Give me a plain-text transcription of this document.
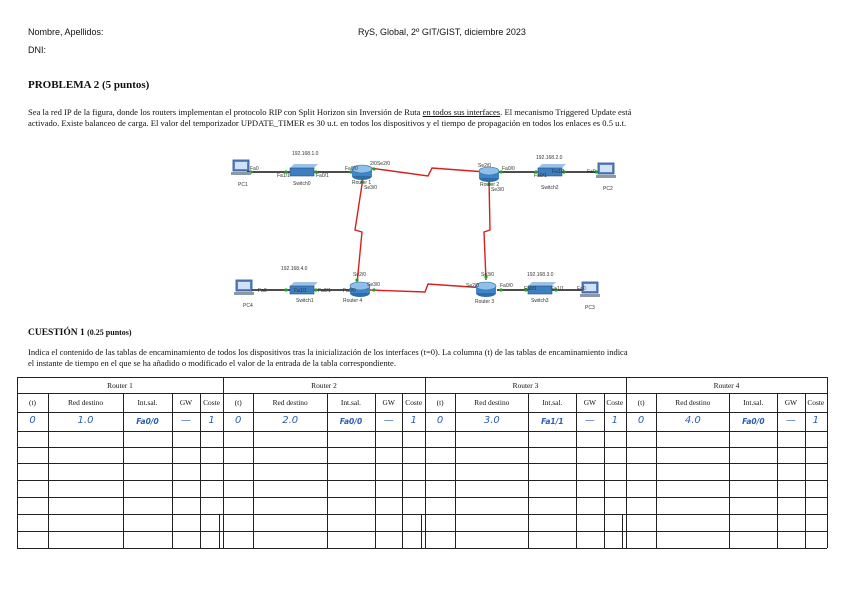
Nombre, Apellidos:	RyS, Global, 2º GIT/GIST, diciembre 2023
DNI:
PROBLEMA 2 (5 puntos)
Sea la red IP de la figura, donde los routers implementan el protocolo RIP con Split Horizon sin Inversión de Ruta en todos sus interfaces. El mecanismo Triggered Update está
activado. Existe balanceo de carga. El valor del temporizador UPDATE_TIMER es 30 u.t. en todos los dispositivos y el tiempo de propagación en todos los enlaces es 0.5 u.t.
192.168.1.0
192.168.2.0
192.168.3.0
192.168.4.0
PC1
PC2
PC3
PC4
Switch0
Switch1
Switch2
Switch3
Router 1	Router 2
Router 3
Router 4
Fa0
Fa1/1	Fa0/1
Fa0/0
2/0Se2/0
Se3/0
Se2/0 Fa0/0
Fa0/1
Fa1/1	Fa0
Se3/0
Se3/0
Se2/0	Fa0/0 Fa0/1	Fa1/1	Fa0
Se2/0
Se3/0
Fa0/0
Fa0/1
Fa1/1
Fa0
CUESTIÓN 1 (0.25 puntos)
Indica el contenido de las tablas de encaminamiento de todos los dispositivos tras la inicialización de los interfaces (t=0). La columna (t) de las tablas de encaminamiento indica
el instante de tiempo en el que se ha añadido o modificado el valor de la entrada de la tabla correspondiente.
Router 1
(t)	Red destino	Int.sal.	GW	Coste
0	1.0	Fa0/0	—	1
Router 2
(t)	Red destino	Int.sal.	GW	Coste
0	2.0	Fa0/0	—	1
Router 3
(t)	Red destino	Int.sal.	GW	Coste
0	3.0	Fa1/1	—	1
Router 4
(t)	Red destino	Int.sal.	GW	Coste
0	4.0	Fa0/0	—	1
